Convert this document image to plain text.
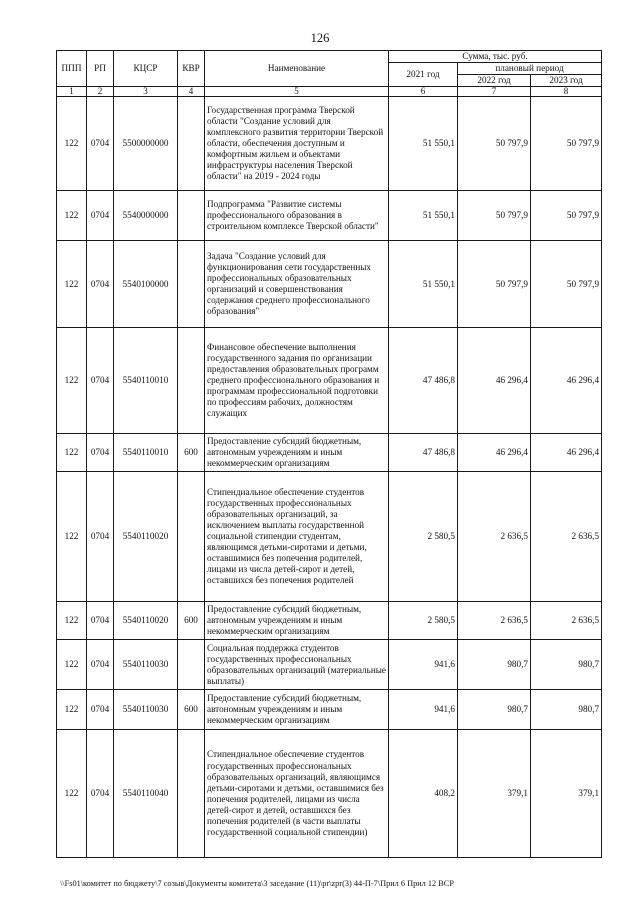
126
ППП	РП	КЦСР	КВР	Наименование	Сумма, тыс. руб.		
					2021 год	плановый период	
						2022 год	2023 год
1	2	3	4	5	6	7	8
122	0704	5500000000		Государственная программа Тверской области "Создание условий для комплексного развития территории Тверской области, обеспечения доступным и комфортным жильем и объектами инфраструктуры населения Тверской области" на 2019 - 2024 годы	51 550,1	50 797,9	50 797,9
122	0704	5540000000		Подпрограмма "Развитие системы профессионального образования в строительном комплексе Тверской области"	51 550,1	50 797,9	50 797,9
122	0704	5540100000		Задача "Создание условий для функционирования сети государственных профессиональных образовательных организаций и совершенствования содержания среднего профессионального образования"	51 550,1	50 797,9	50 797,9
122	0704	5540110010		Финансовое обеспечение выполнения государственного задания по организации предоставления образовательных программ среднего профессионального образования и программам профессиональной подготовки по профессиям рабочих, должностям служащих	47 486,8	46 296,4	46 296,4
122	0704	5540110010	600	Предоставление субсидий бюджетным, автономным учреждениям и иным некоммерческим организациям	47 486,8	46 296,4	46 296,4
122	0704	5540110020		Стипендиальное обеспечение студентов государственных профессиональных образовательных организаций, за исключением выплаты государственной социальной стипендии студентам, являющимся детьми-сиротами и детьми, оставшимися без попечения родителей, лицами из числа детей-сирот и детей, оставшихся без попечения родителей	2 580,5	2 636,5	2 636,5
122	0704	5540110020	600	Предоставление субсидий бюджетным, автономным учреждениям и иным некоммерческим организациям	2 580,5	2 636,5	2 636,5
122	0704	5540110030		Социальная поддержка студентов государственных профессиональных образовательных организаций (материальные выплаты)	941,6	980,7	980,7
122	0704	5540110030	600	Предоставление субсидий бюджетным, автономным учреждениям и иным некоммерческим организациям	941,6	980,7	980,7
122	0704	5540110040		Стипендиальное обеспечение студентов государственных профессиональных образовательных организаций, являющимся детьми-сиротами и детьми, оставшимися без попечения родителей, лицами из числа детей-сирот и детей, оставшихся без попечения родителей (в части выплаты государственной социальной стипендии)	408,2	379,1	379,1
\\Fs01\комитет по бюджету\7 созыв\Документы комитета\3 заседание (11)\pr\zpr(3) 44-П-7\Прил 6 Прил 12 ВСР
